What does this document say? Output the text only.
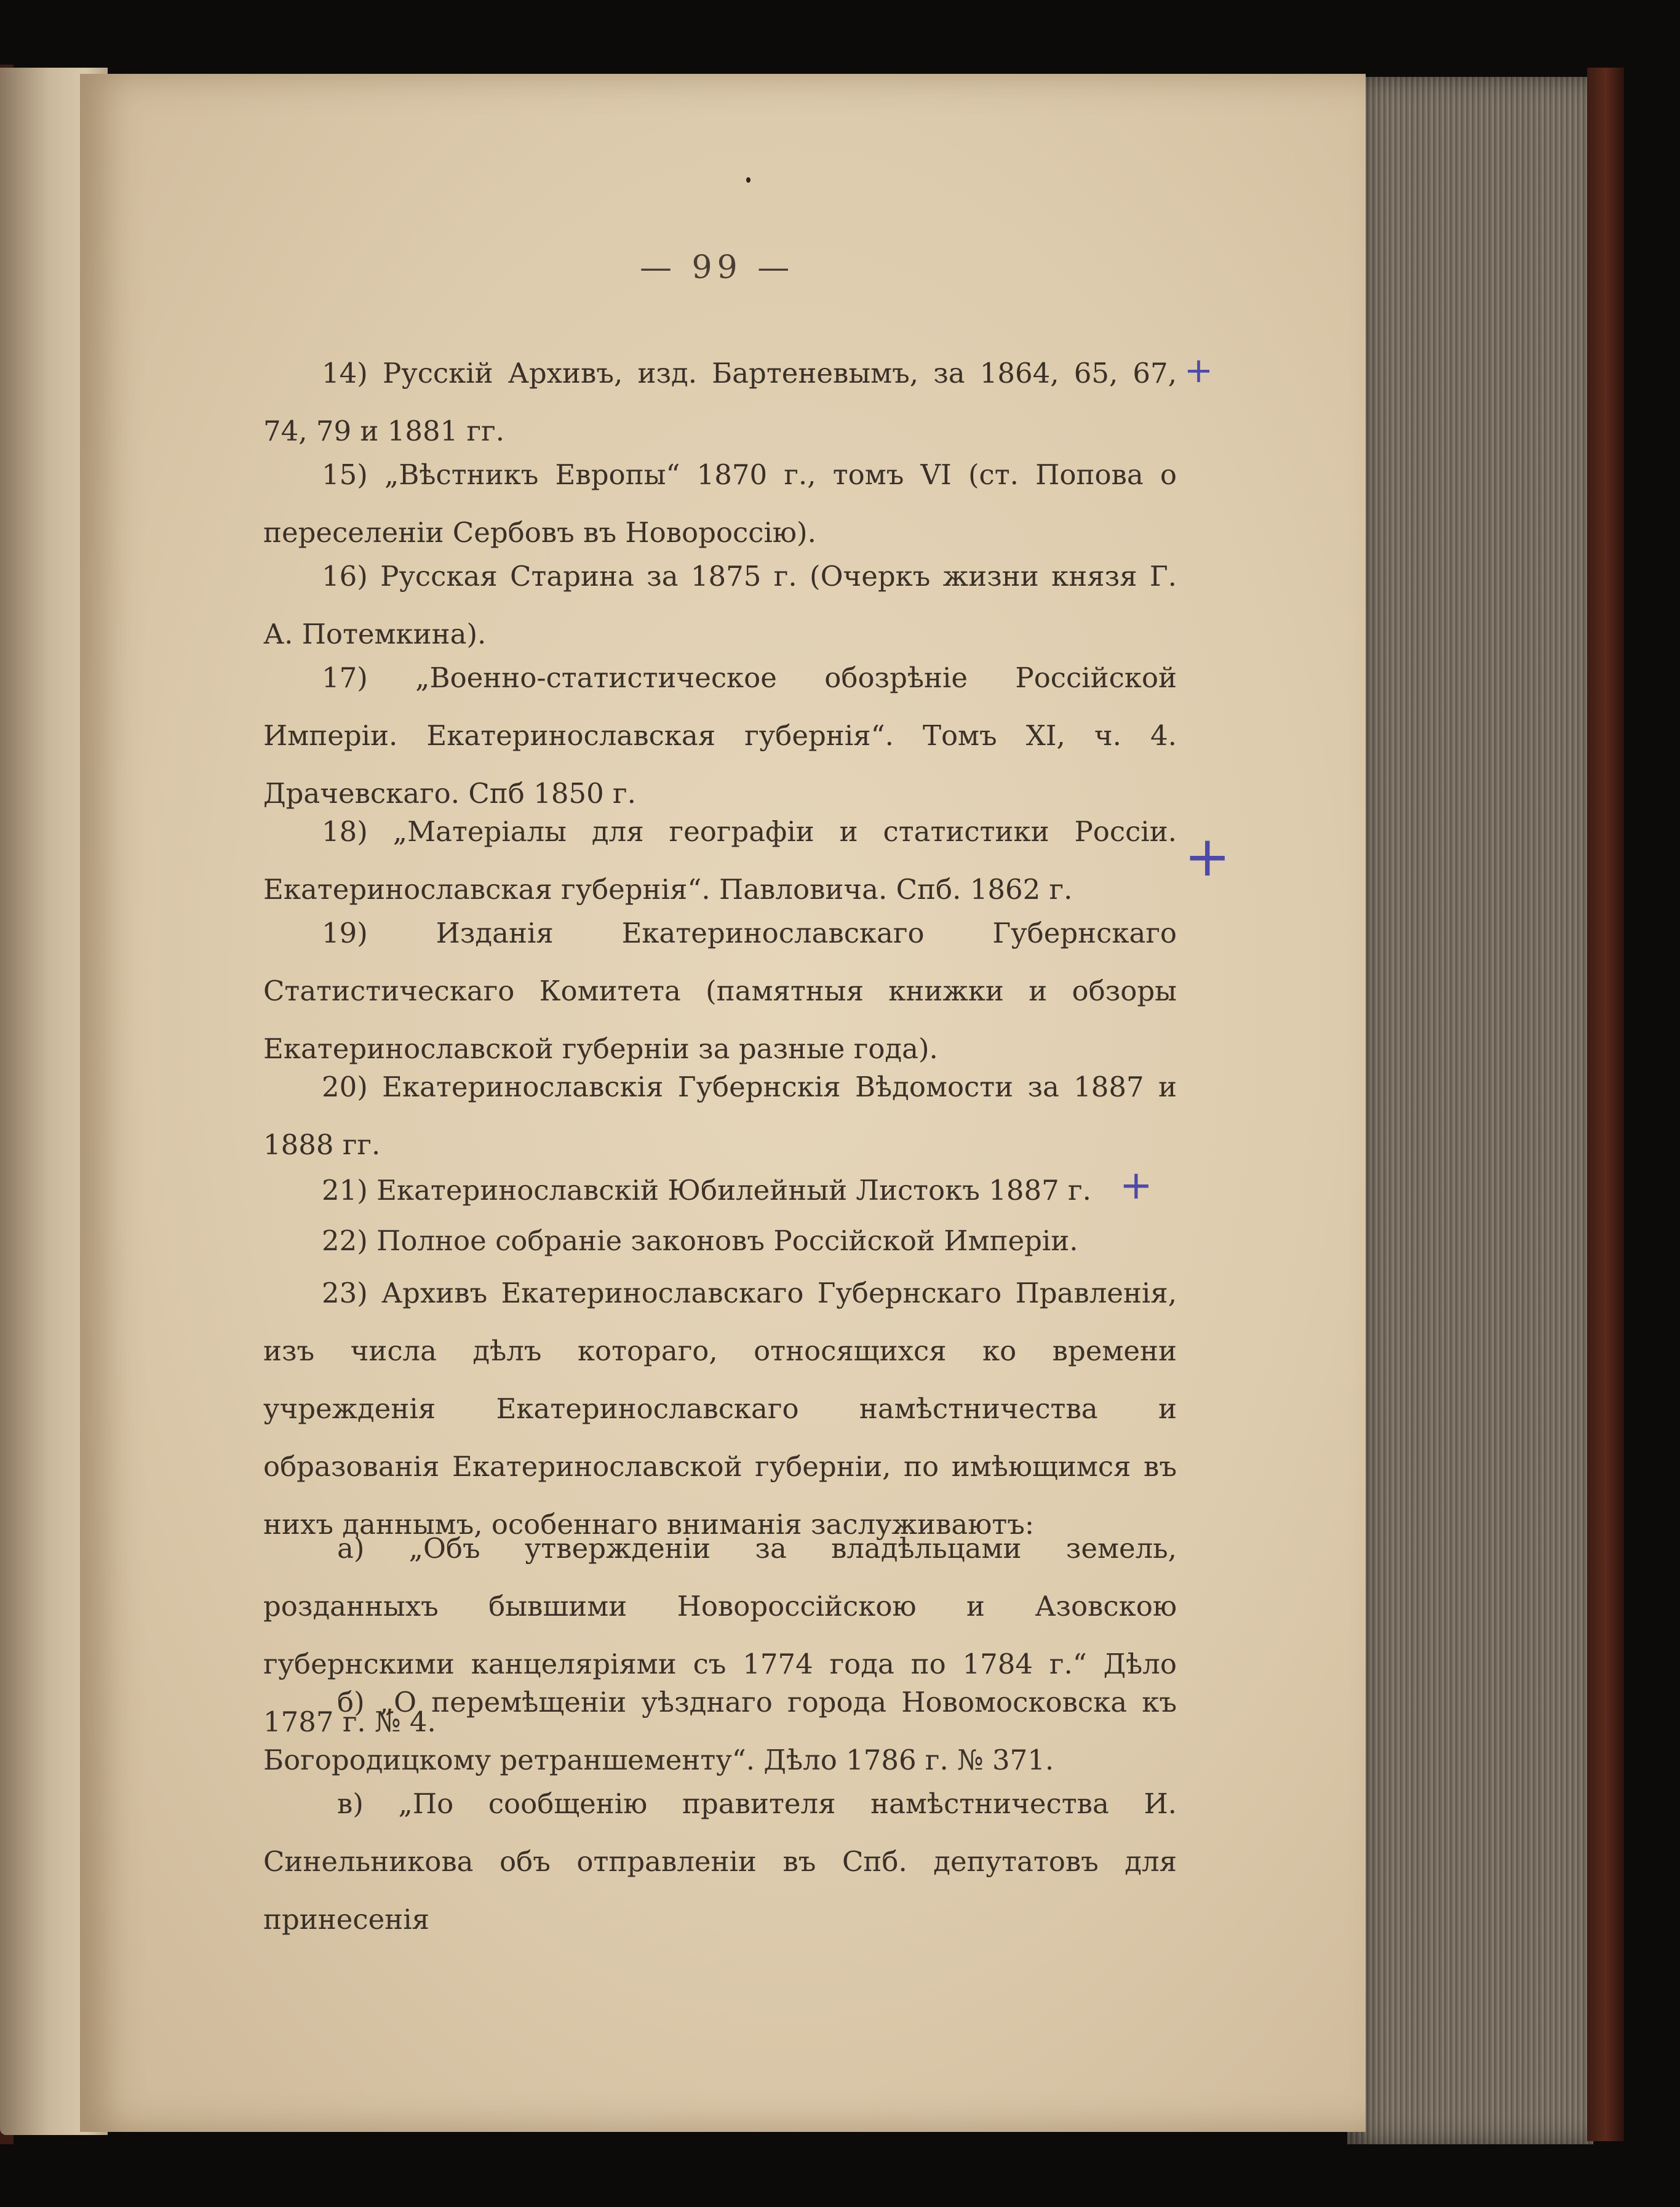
— 99 —
14) Русскій Архивъ, изд. Бартеневымъ, за 1864, 65, 67, 74, 79 и 1881 гг.
15) „Вѣстникъ Европы“ 1870 г., томъ VI (ст. Попова о переселеніи Сербовъ въ Новороссію).
16) Русская Старина за 1875 г. (Очеркъ жизни князя Г. А. Потемкина).
17) „Военно-статистическое обозрѣніе Россійской Имперіи. Екатеринославская губернія“. Томъ XI, ч. 4. Драчевскаго. Спб 1850 г.
18) „Матеріалы для географіи и статистики Россіи. Екатеринославская губернія“. Павловича. Спб. 1862 г.
19) Изданія Екатеринославскаго Губернскаго Статистическаго Комитета (памятныя книжки и обзоры Екатеринославской губерніи за разные года).
20) Екатеринославскія Губернскія Вѣдомости за 1887 и 1888 гг.
21) Екатеринославскій Юбилейный Листокъ 1887 г.
22) Полное собраніе законовъ Россійской Имперіи.
23) Архивъ Екатеринославскаго Губернскаго Правленія, изъ числа дѣлъ котораго, относящихся ко времени учрежденія Екатеринославскаго намѣстничества и образованія Екатеринославской губерніи, по имѣющимся въ нихъ даннымъ, особеннаго вниманія заслуживаютъ:
а) „Объ утвержденіи за владѣльцами земель, розданныхъ бывшими Новороссійскою и Азовскою губернскими канцеляріями съ 1774 года по 1784 г.“ Дѣло 1787 г. № 4.
б) „О перемѣщеніи уѣзднаго города Новомосковска къ Богородицкому ретраншементу“. Дѣло 1786 г. № 371.
в) „По сообщенію правителя намѣстничества И. Синельникова объ отправленіи въ Спб. депутатовъ для принесенія
+
+
+
